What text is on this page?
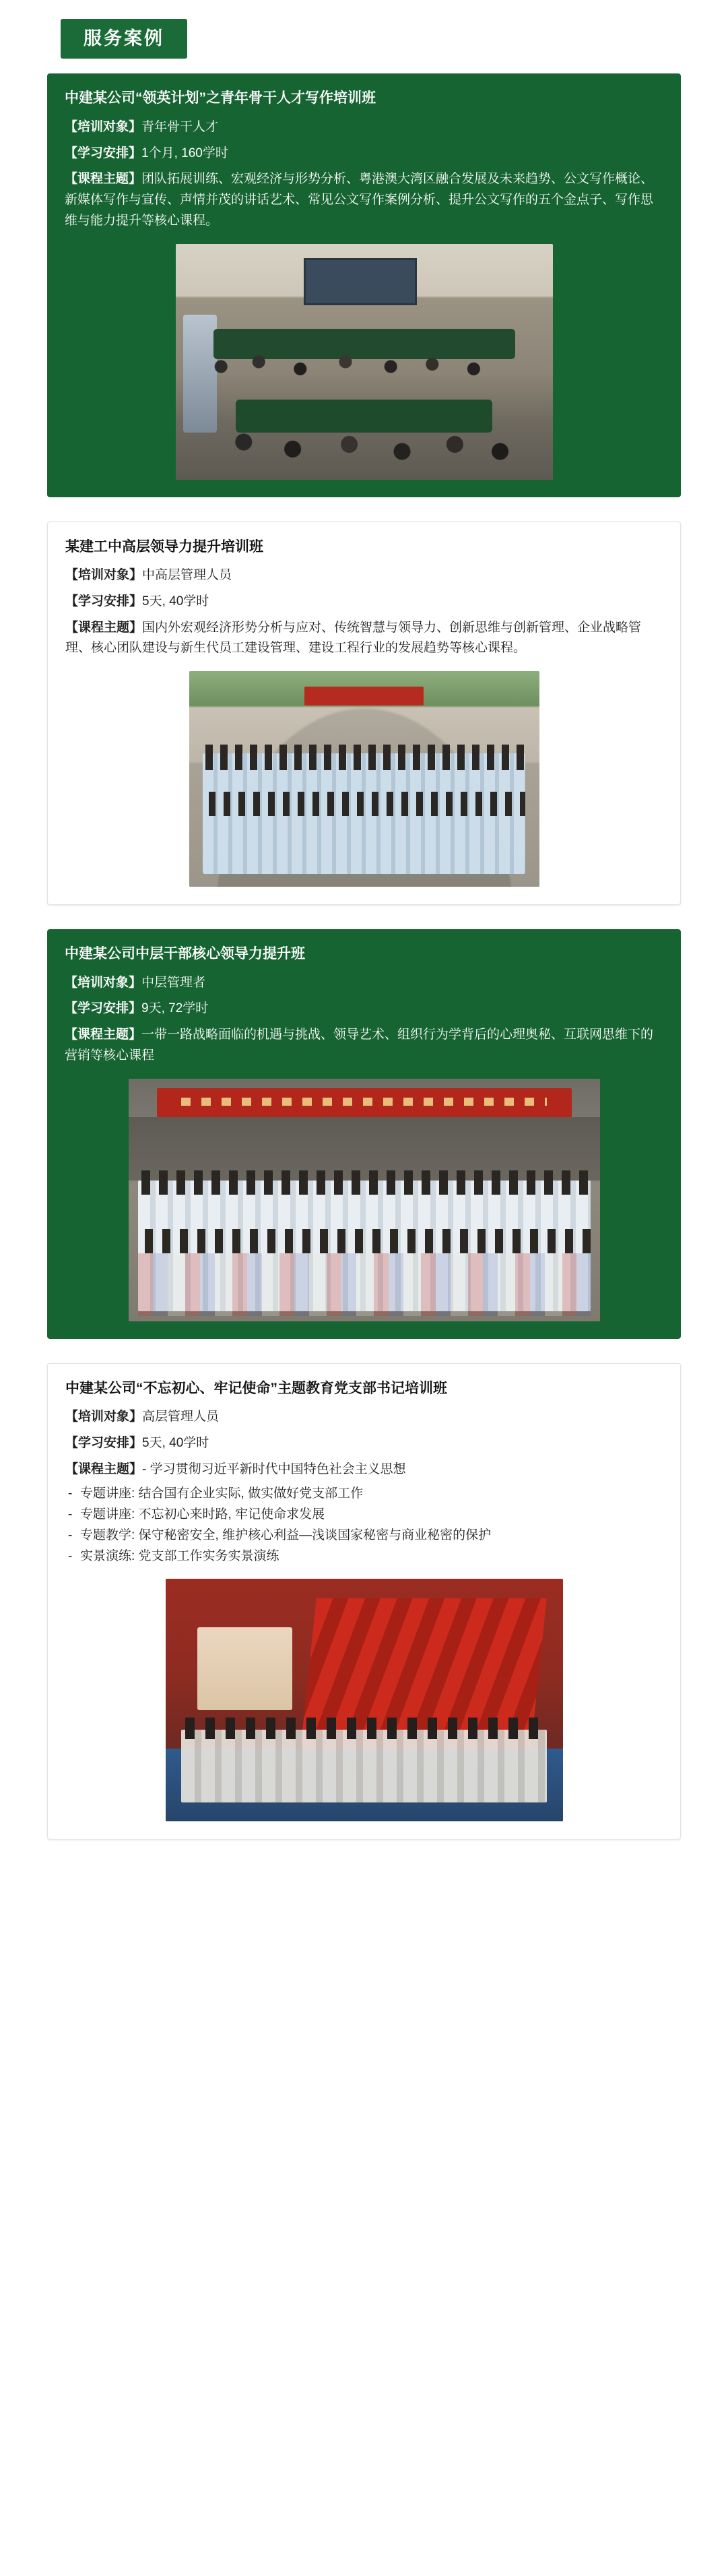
服务案例
中建某公司“领英计划”之青年骨干人才写作培训班
【培训对象】青年骨干人才
【学习安排】1个月, 160学时
【课程主题】团队拓展训练、宏观经济与形势分析、粤港澳大湾区融合发展及未来趋势、公文写作概论、新媒体写作与宣传、声情并茂的讲话艺术、常见公文写作案例分析、提升公文写作的五个金点子、写作思维与能力提升等核心课程。
某建工中高层领导力提升培训班
【培训对象】中高层管理人员
【学习安排】5天, 40学时
【课程主题】国内外宏观经济形势分析与应对、传统智慧与领导力、创新思维与创新管理、企业战略管理、核心团队建设与新生代员工建设管理、建设工程行业的发展趋势等核心课程。
中建某公司中层干部核心领导力提升班
【培训对象】中层管理者
【学习安排】9天, 72学时
【课程主题】一带一路战略面临的机遇与挑战、领导艺术、组织行为学背后的心理奥秘、互联网思维下的营销等核心课程
中建某公司“不忘初心、牢记使命”主题教育党支部书记培训班
【培训对象】高层管理人员
【学习安排】5天, 40学时
【课程主题】- 学习贯彻习近平新时代中国特色社会主义思想
- 专题讲座: 结合国有企业实际, 做实做好党支部工作
- 专题讲座: 不忘初心来时路, 牢记使命求发展
- 专题教学: 保守秘密安全, 维护核心利益—浅谈国家秘密与商业秘密的保护
- 实景演练: 党支部工作实务实景演练
